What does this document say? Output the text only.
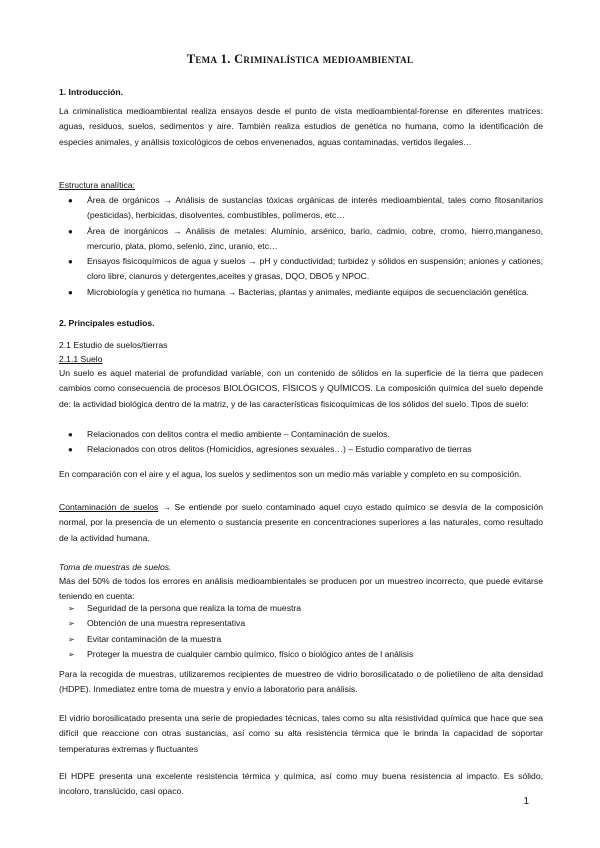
Tema 1. Criminalística medioambiental
1. Introducción.
La criminalística medioambiental realiza ensayos desde el punto de vista medioambiental-forense en diferentes matrices: aguas, residuos, suelos, sedimentos y aire. También realiza estudios de genética no humana, como la identificación de especies animales, y análisis toxicológicos de cebos envenenados, aguas contaminadas, vertidos ilegales…
Estructura analítica:
● Área de orgánicos → Análisis de sustancias tóxicas orgánicas de interés medioambiental, tales como fitosanitarios (pesticidas), herbicidas, disolventes, combustibles, polímeros, etc…
● Área de inorgánicos → Análisis de metales: Aluminio, arsénico, bario, cadmio, cobre, cromo, hierro,manganeso, mercurio, plata, plomo, selenio, zinc, uranio, etc…
● Ensayos fisicoquímicos de agua y suelos → pH y conductividad; turbidez y sólidos en suspensión; aniones y cationes; cloro libre, cianuros y detergentes,aceites y grasas, DQO, DBO5 y NPOC.
● Microbiología y genética no humana → Bacterias, plantas y animales, mediante equipos de secuenciación genética.
2. Principales estudios.
2.1 Estudio de suelos/tierras
2.1.1 Suelo
Un suelo es aquel material de profundidad variable, con un contenido de sólidos en la superficie de la tierra que padecen cambios como consecuencia de procesos BIOLÓGICOS, FÍSICOS y QUÍMICOS. La composición química del suelo depende de: la actividad biológica dentro de la matriz, y de las características fisicoquímicas de los sólidos del suelo. Tipos de suelo:
● Relacionados con delitos contra el medio ambiente – Contaminación de suelos.
● Relacionados con otros delitos (Homicidios, agresiones sexuales…) – Estudio comparativo de tierras
En comparación con el aire y el agua, los suelos y sedimentos son un medio más variable y completo en su composición.
Contaminación de suelos → Se entiende por suelo contaminado aquel cuyo estado químico se desvía de la composición normal, por la presencia de un elemento o sustancia presente en concentraciones superiores a las naturales, como resultado de la actividad humana.
Toma de muestras de suelos.
Más del 50% de todos los errores en análisis medioambientales se producen por un muestreo incorrecto, que puede evitarse teniendo en cuenta:
➢ Seguridad de la persona que realiza la toma de muestra
➢ Obtención de una muestra representativa
➢ Evitar contaminación de la muestra
➢ Proteger la muestra de cualquier cambio químico, físico o biológico antes de l análisis
Para la recogida de muestras, utilizaremos recipientes de muestreo de vidrio borosilicatado o de polietileno de alta densidad (HDPE). Inmediatez entre toma de muestra y envío a laboratorio para análisis.
El vidrio borosilicatado presenta una serie de propiedades técnicas, tales como su alta resistividad química que hace que sea difícil que reaccione con otras sustancias, así como su alta resistencia térmica que le brinda la capacidad de soportar temperaturas extremas y fluctuantes
El HDPE presenta una excelente resistencia térmica y química, así como muy buena resistencia al impacto. Es sólido, incoloro, translúcido, casi opaco.
1
